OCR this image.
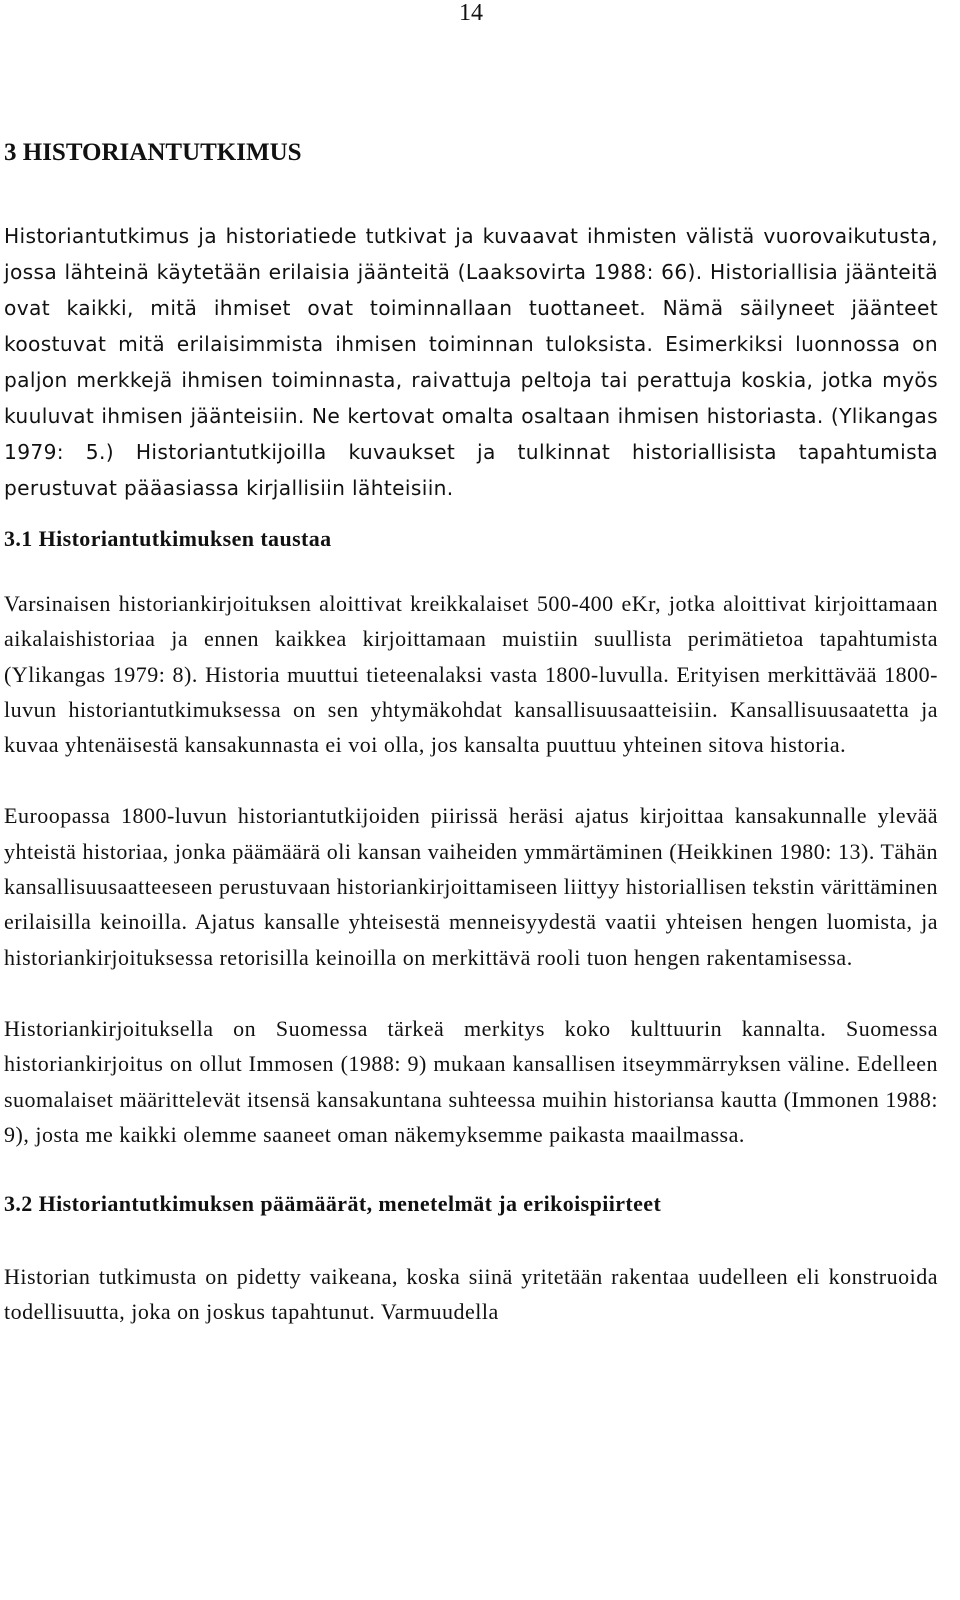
14
3 HISTORIANTUTKIMUS

Historiantutkimus ja historiatiede tutkivat ja kuvaavat ihmisten välistä vuorovaikutusta, jossa lähteinä käytetään erilaisia jäänteitä (Laaksovirta 1988: 66). Historiallisia jäänteitä ovat kaikki, mitä ihmiset ovat toiminnallaan tuottaneet. Nämä säilyneet jäänteet koostuvat mitä erilaisimmista ihmisen toiminnan tuloksista. Esimerkiksi luonnossa on paljon merkkejä ihmisen toiminnasta, raivattuja peltoja tai perattuja koskia, jotka myös kuuluvat ihmisen jäänteisiin. Ne kertovat omalta osaltaan ihmisen historiasta. (Ylikangas 1979: 5.) Historiantutkijoilla kuvaukset ja tulkinnat historiallisista tapahtumista perustuvat pääasiassa kirjallisiin lähteisiin.

3.1 Historiantutkimuksen taustaa

Varsinaisen historiankirjoituksen aloittivat kreikkalaiset 500-400 eKr, jotka aloittivat kirjoittamaan aikalaishistoriaa ja ennen kaikkea kirjoittamaan muistiin suullista perimätietoa tapahtumista (Ylikangas 1979: 8). Historia muuttui tieteenalaksi vasta 1800-luvulla. Erityisen merkittävää 1800-luvun historiantutkimuksessa on sen yhtymäkohdat kansallisuusaatteisiin. Kansallisuusaatetta ja kuvaa yhtenäisestä kansakunnasta ei voi olla, jos kansalta puuttuu yhteinen sitova historia.

Euroopassa 1800-luvun historiantutkijoiden piirissä heräsi ajatus kirjoittaa kansakunnalle ylevää yhteistä historiaa, jonka päämäärä oli kansan vaiheiden ymmärtäminen (Heikkinen 1980: 13). Tähän kansallisuusaatteeseen perustuvaan historiankirjoittamiseen liittyy historiallisen tekstin värittäminen erilaisilla keinoilla. Ajatus kansalle yhteisestä menneisyydestä vaatii yhteisen hengen luomista, ja historiankirjoituksessa retorisilla keinoilla on merkittävä rooli tuon hengen rakentamisessa.

Historiankirjoituksella on Suomessa tärkeä merkitys koko kulttuurin kannalta. Suomessa historiankirjoitus on ollut Immosen (1988: 9) mukaan kansallisen itseymmärryksen väline. Edelleen suomalaiset määrittelevät itsensä kansakuntana suhteessa muihin historiansa kautta (Immonen 1988: 9), josta me kaikki olemme saaneet oman näkemyksemme paikasta maailmassa.

3.2 Historiantutkimuksen päämäärät, menetelmät ja erikoispiirteet

Historian tutkimusta on pidetty vaikeana, koska siinä yritetään rakentaa uudelleen eli konstruoida todellisuutta, joka on joskus tapahtunut. Varmuudella
